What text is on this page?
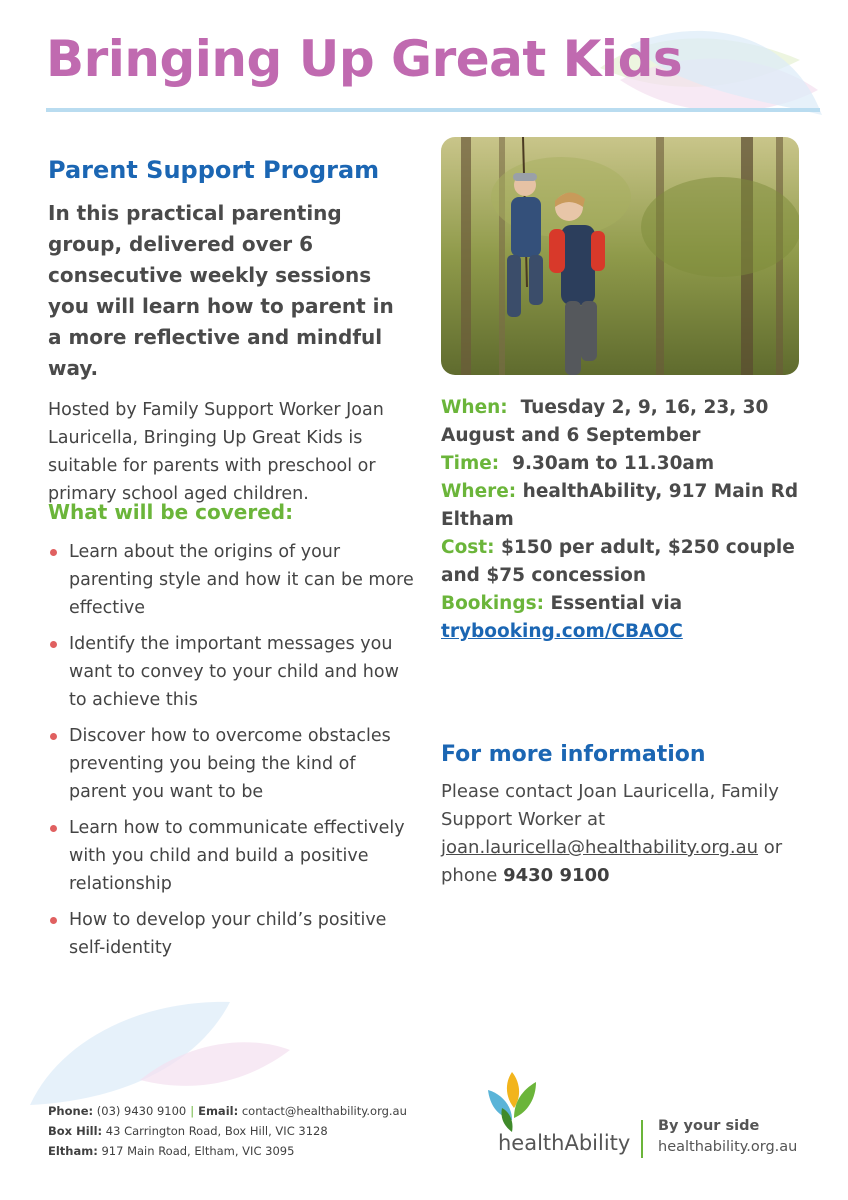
Bringing Up Great Kids
Parent Support Program

In this practical parenting group, delivered over 6 consecutive weekly sessions you will learn how to parent in a more reflective and mindful way.

Hosted by Family Support Worker Joan Lauricella, Bringing Up Great Kids is suitable for parents with preschool or primary school aged children.

What will be covered:
Learn about the origins of your parenting style and how it can be more effective
Identify the important messages you want to convey to your child and how to achieve this
Discover how to overcome obstacles preventing you being the kind of parent you want to be
Learn how to communicate effectively with you child and build a positive relationship
How to develop your child’s positive self-identity
When: Tuesday 2, 9, 16, 23, 30 August and 6 September
Time: 9.30am to 11.30am
Where: healthAbility, 917 Main Rd Eltham
Cost: $150 per adult, $250 couple and $75 concession
Bookings: Essential via
trybooking.com/CBAOC
For more information

Please contact Joan Lauricella, Family Support Worker at joan.lauricella@healthability.org.au or phone 9430 9100

Phone: (03) 9430 9100 | Email: contact@healthability.org.au
Box Hill: 43 Carrington Road, Box Hill, VIC 3128
Eltham: 917 Main Road, Eltham, VIC 3095	healthAbility
By your side
healthability.org.au
